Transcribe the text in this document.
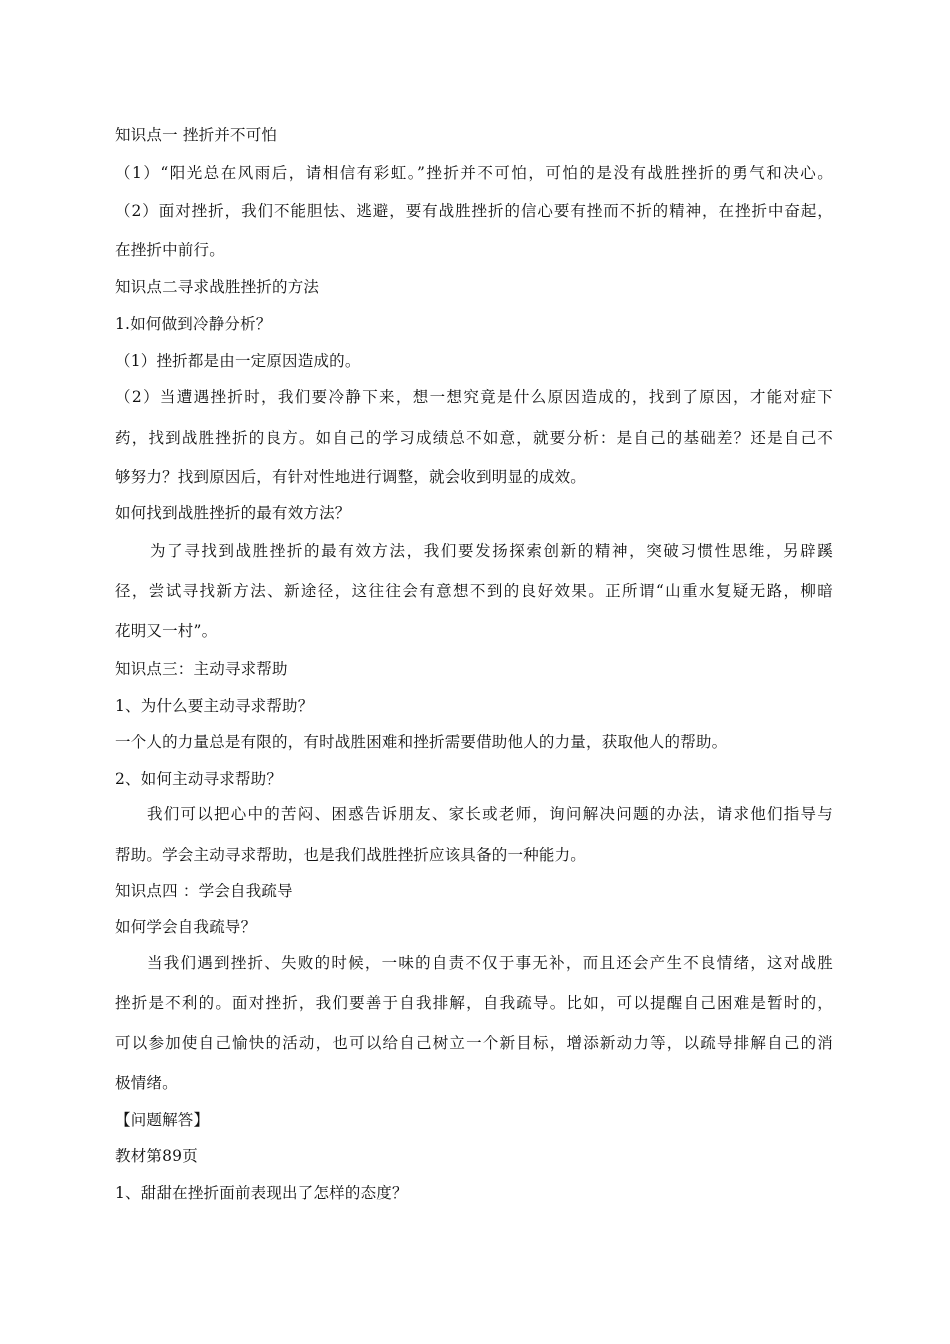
知识点一 挫折并不可怕
（1）“阳光总在风雨后，请相信有彩虹。”挫折并不可怕，可怕的是没有战胜挫折的勇气和决心。
（2）面对挫折，我们不能胆怯、逃避，要有战胜挫折的信心要有挫而不折的精神，在挫折中奋起，
在挫折中前行。
知识点二寻求战胜挫折的方法
1.如何做到冷静分析？
（1）挫折都是由一定原因造成的。
（2）当遭遇挫折时，我们要冷静下来，想一想究竟是什么原因造成的，找到了原因，才能对症下
药，找到战胜挫折的良方。如自己的学习成绩总不如意，就要分析：是自己的基础差？还是自己不
够努力？找到原因后，有针对性地进行调整，就会收到明显的成效。
如何找到战胜挫折的最有效方法？
为了寻找到战胜挫折的最有效方法，我们要发扬探索创新的精神，突破习惯性思维，另辟蹊
径，尝试寻找新方法、新途径，这往往会有意想不到的良好效果。正所谓“山重水复疑无路，柳暗
花明又一村”。
知识点三：主动寻求帮助
1、为什么要主动寻求帮助？
一个人的力量总是有限的，有时战胜困难和挫折需要借助他人的力量，获取他人的帮助。
2、如何主动寻求帮助？
我们可以把心中的苦闷、困惑告诉朋友、家长或老师，询问解决问题的办法，请求他们指导与
帮助。学会主动寻求帮助，也是我们战胜挫折应该具备的一种能力。
知识点四 ：学会自我疏导
如何学会自我疏导？
当我们遇到挫折、失败的时候，一味的自责不仅于事无补，而且还会产生不良情绪，这对战胜
挫折是不利的。面对挫折，我们要善于自我排解，自我疏导。比如，可以提醒自己困难是暂时的，
可以参加使自己愉快的活动，也可以给自己树立一个新目标，增添新动力等，以疏导排解自己的消
极情绪。
【问题解答】
教材第89页
1、甜甜在挫折面前表现出了怎样的态度？
